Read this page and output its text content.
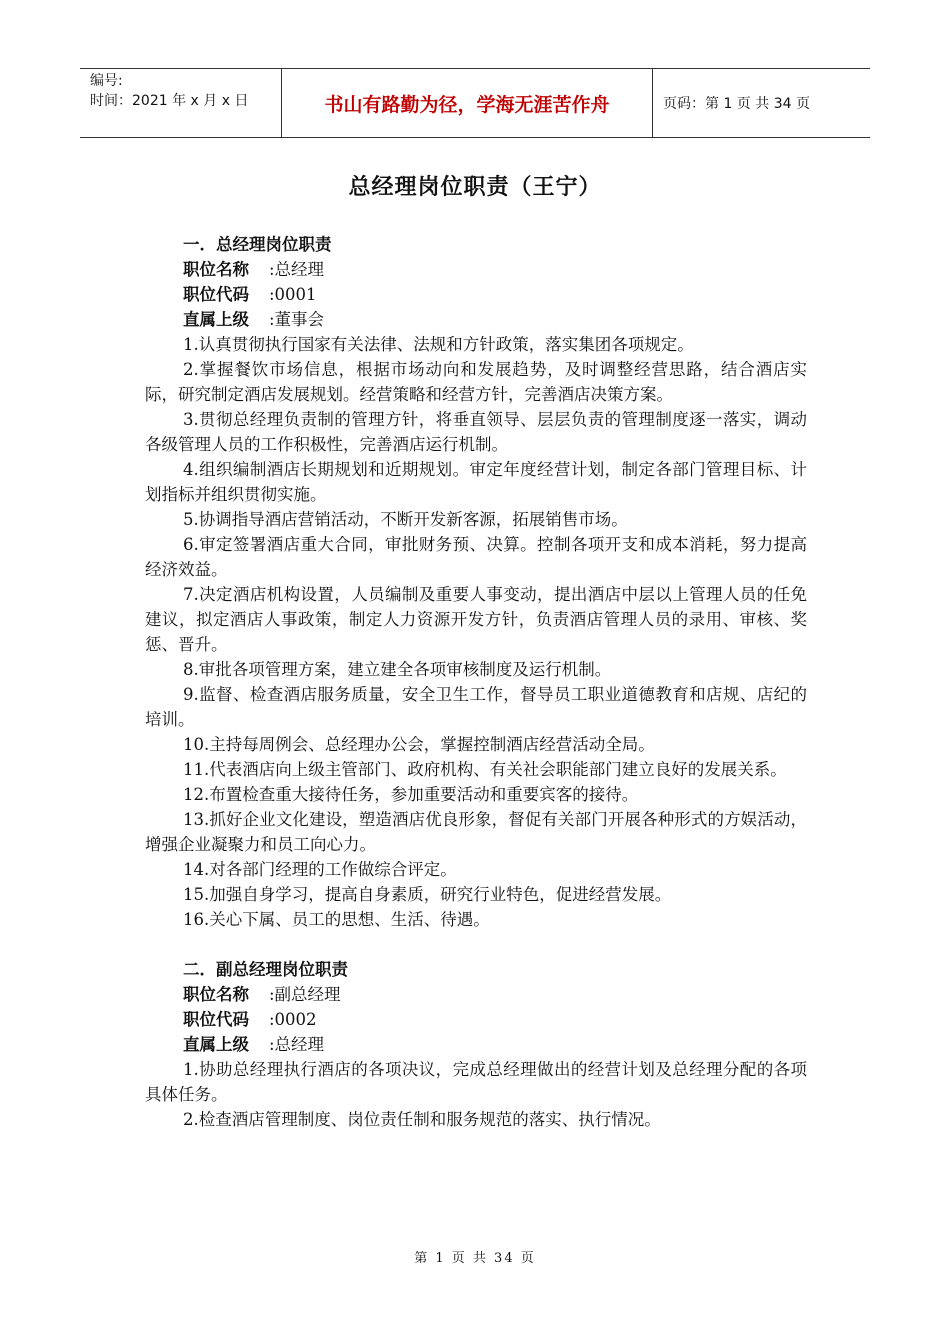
编号:
时间：2021 年 x 月 x 日	书山有路勤为径，学海无涯苦作舟	页码：第 1 页 共 34 页
总经理岗位职责（王宁）
一．总经理岗位职责
职位名称 :总经理
职位代码 :0001
直属上级 :董事会
1.认真贯彻执行国家有关法律、法规和方针政策，落实集团各项规定。
2.掌握餐饮市场信息，根据市场动向和发展趋势，及时调整经营思路，结合酒店实际，研究制定酒店发展规划。经营策略和经营方针，完善酒店决策方案。
3.贯彻总经理负责制的管理方针，将垂直领导、层层负责的管理制度逐一落实，调动各级管理人员的工作积极性，完善酒店运行机制。
4.组织编制酒店长期规划和近期规划。审定年度经营计划，制定各部门管理目标、计划指标并组织贯彻实施。
5.协调指导酒店营销活动，不断开发新客源，拓展销售市场。
6.审定签署酒店重大合同，审批财务预、决算。控制各项开支和成本消耗，努力提高经济效益。
7.决定酒店机构设置，人员编制及重要人事变动，提出酒店中层以上管理人员的任免建议，拟定酒店人事政策，制定人力资源开发方针，负责酒店管理人员的录用、审核、奖惩、晋升。
8.审批各项管理方案，建立建全各项审核制度及运行机制。
9.监督、检查酒店服务质量，安全卫生工作，督导员工职业道德教育和店规、店纪的培训。
10.主持每周例会、总经理办公会，掌握控制酒店经营活动全局。
11.代表酒店向上级主管部门、政府机构、有关社会职能部门建立良好的发展关系。
12.布置检查重大接待任务，参加重要活动和重要宾客的接待。
13.抓好企业文化建设，塑造酒店优良形象，督促有关部门开展各种形式的方娱活动，增强企业凝聚力和员工向心力。
14.对各部门经理的工作做综合评定。
15.加强自身学习，提高自身素质，研究行业特色，促进经营发展。
16.关心下属、员工的思想、生活、待遇。
二．副总经理岗位职责
职位名称 :副总经理
职位代码 :0002
直属上级 :总经理
1.协助总经理执行酒店的各项决议，完成总经理做出的经营计划及总经理分配的各项具体任务。
2.检查酒店管理制度、岗位责任制和服务规范的落实、执行情况。
第 1 页 共 34 页
